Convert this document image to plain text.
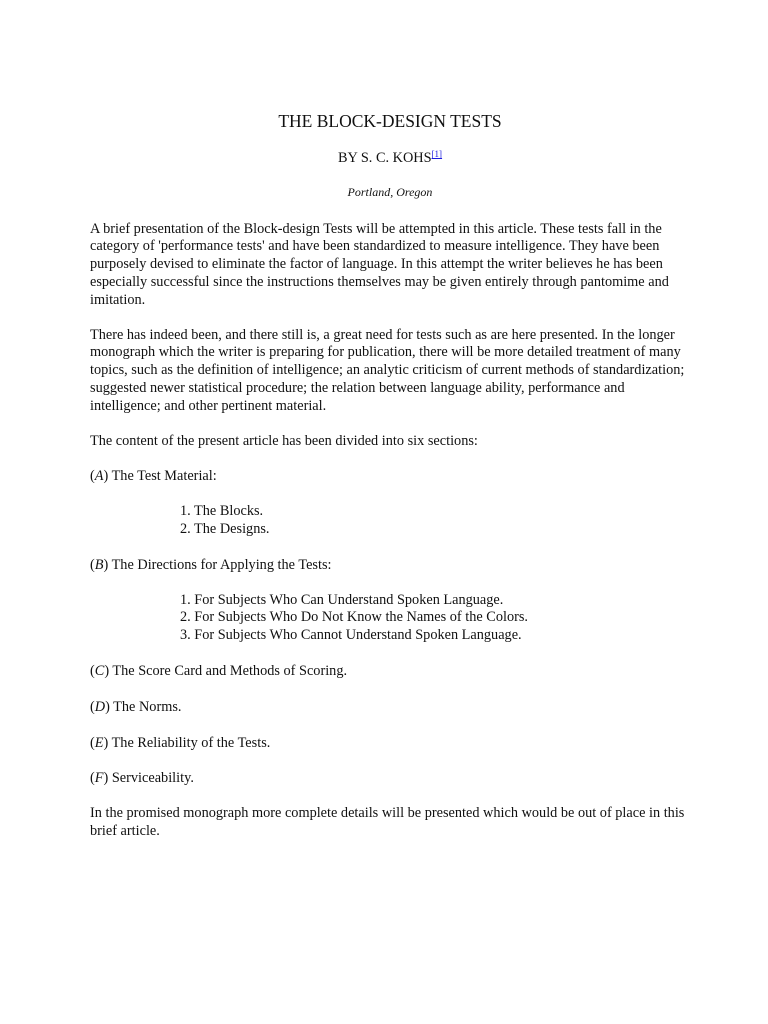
THE BLOCK-DESIGN TESTS
BY S. C. KOHS[1]
Portland, Oregon

A brief presentation of the Block-design Tests will be attempted in this article. These tests fall in the category of 'performance tests' and have been standardized to measure intelligence. They have been purposely devised to eliminate the factor of language. In this attempt the writer believes he has been especially successful since the instructions themselves may be given entirely through pantomime and imitation.

There has indeed been, and there still is, a great need for tests such as are here presented. In the longer monograph which the writer is preparing for publication, there will be more detailed treatment of many topics, such as the definition of intelligence; an analytic criticism of current methods of standardization; suggested newer statistical procedure; the relation between language ability, performance and intelligence; and other pertinent material.

The content of the present article has been divided into six sections:

(A) The Test Material:

1. The Blocks.
2. The Designs.

(B) The Directions for Applying the Tests:

1. For Subjects Who Can Understand Spoken Language.
2. For Subjects Who Do Not Know the Names of the Colors.
3. For Subjects Who Cannot Understand Spoken Language.

(C) The Score Card and Methods of Scoring.

(D) The Norms.

(E) The Reliability of the Tests.

(F) Serviceability.

In the promised monograph more complete details will be presented which would be out of place in this brief article.
